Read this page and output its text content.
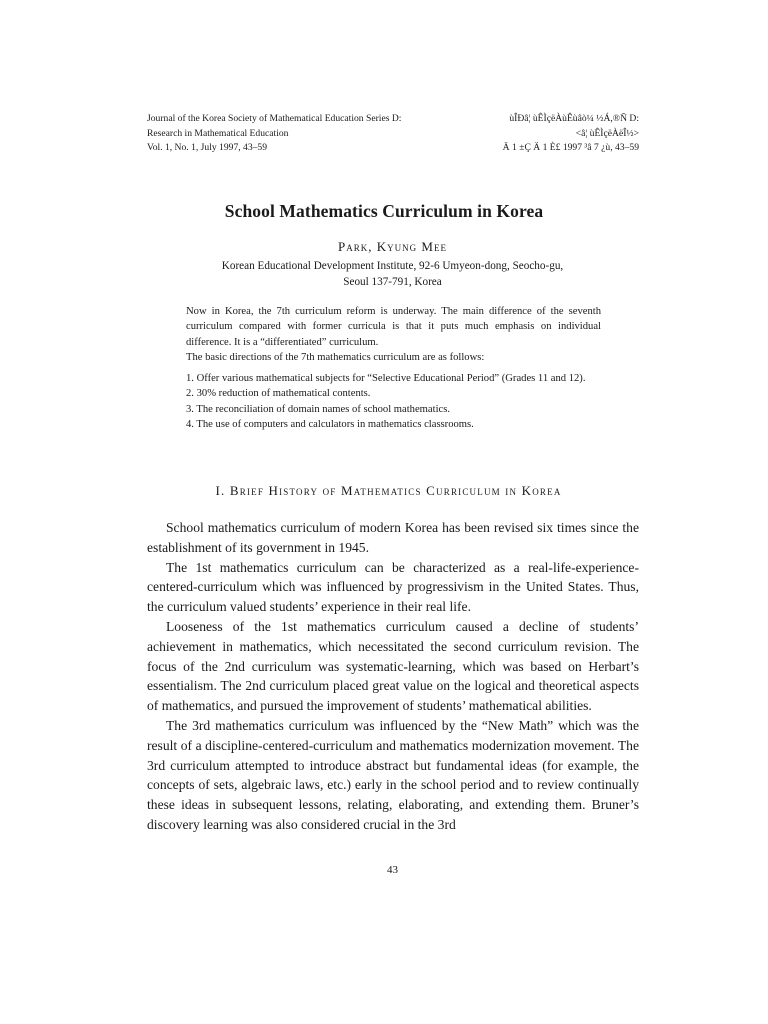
Journal of the Korea Society of Mathematical Education Series D:	ùÎÐâ¦ ùÊÌçëÀùÊùâò¼ ½Á,®Ñ D:
Research in Mathematical Education	<â¦ ùÊÌçëÀëÎ½>
Vol. 1, No. 1, July 1997, 43–59	Ä 1 ±Ç Ä 1 È£ 1997 ³â 7 ¿ù, 43–59
School Mathematics Curriculum in Korea
Park, Kyung Mee
Korean Educational Development Institute, 92-6 Umyeon-dong, Seocho-gu,
Seoul 137-791, Korea

Now in Korea, the 7th curriculum reform is underway. The main difference of the seventh curriculum compared with former curricula is that it puts much emphasis on individual difference. It is a “differentiated” curriculum.

The basic directions of the 7th mathematics curriculum are as follows:

1. Offer various mathematical subjects for “Selective Educational Period” (Grades 11 and 12).
2. 30% reduction of mathematical contents.
3. The reconciliation of domain names of school mathematics.
4. The use of computers and calculators in mathematics classrooms.
I. Brief History of Mathematics Curriculum in Korea

School mathematics curriculum of modern Korea has been revised six times since the establishment of its government in 1945.

The 1st mathematics curriculum can be characterized as a real-life-experience-centered-curriculum which was influenced by progressivism in the United States. Thus, the curriculum valued students’ experience in their real life.

Looseness of the 1st mathematics curriculum caused a decline of students’ achievement in mathematics, which necessitated the second curriculum revision. The focus of the 2nd curriculum was systematic-learning, which was based on Herbart’s essentialism. The 2nd curriculum placed great value on the logical and theoretical aspects of mathematics, and pursued the improvement of students’ mathematical abilities.

The 3rd mathematics curriculum was influenced by the “New Math” which was the result of a discipline-centered-curriculum and mathematics modernization movement. The 3rd curriculum attempted to introduce abstract but fundamental ideas (for example, the concepts of sets, algebraic laws, etc.) early in the school period and to review continually these ideas in subsequent lessons, relating, elaborating, and extending them. Bruner’s discovery learning was also considered crucial in the 3rd

43
